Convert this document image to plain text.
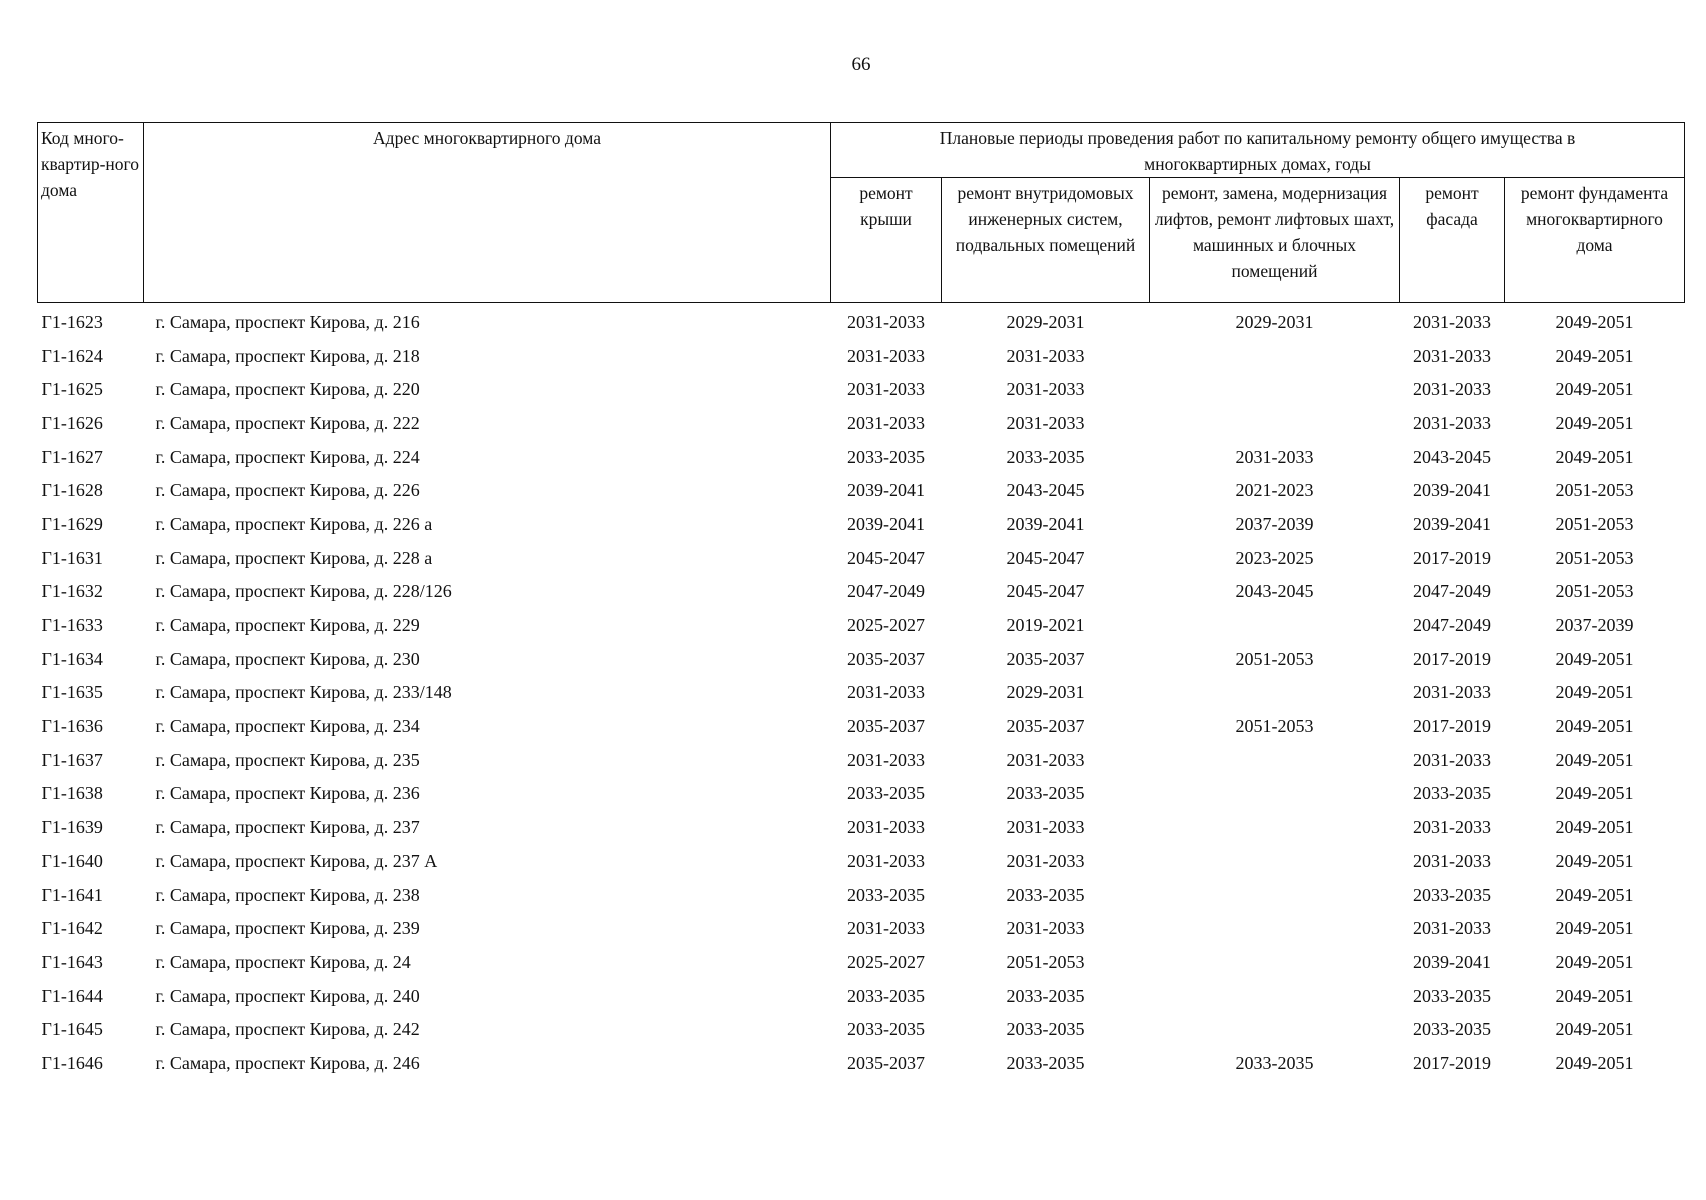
66
Код много-квартир-ного дома	Адрес многоквартирного дома	Плановые периоды проведения работ по капитальному ремонту общего имущества в многоквартирных домах, годы				
		ремонт крыши	ремонт внутридомовых инженерных систем, подвальных помещений	ремонт, замена, модернизация лифтов, ремонт лифтовых шахт, машинных и блочных помещений	ремонт фасада	ремонт фундамента многоквартирного дома
Г1-1623	г. Самара, проспект Кирова, д. 216	2031-2033	2029-2031	2029-2031	2031-2033	2049-2051
Г1-1624	г. Самара, проспект Кирова, д. 218	2031-2033	2031-2033		2031-2033	2049-2051
Г1-1625	г. Самара, проспект Кирова, д. 220	2031-2033	2031-2033		2031-2033	2049-2051
Г1-1626	г. Самара, проспект Кирова, д. 222	2031-2033	2031-2033		2031-2033	2049-2051
Г1-1627	г. Самара, проспект Кирова, д. 224	2033-2035	2033-2035	2031-2033	2043-2045	2049-2051
Г1-1628	г. Самара, проспект Кирова, д. 226	2039-2041	2043-2045	2021-2023	2039-2041	2051-2053
Г1-1629	г. Самара, проспект Кирова, д. 226 а	2039-2041	2039-2041	2037-2039	2039-2041	2051-2053
Г1-1631	г. Самара, проспект Кирова, д. 228 а	2045-2047	2045-2047	2023-2025	2017-2019	2051-2053
Г1-1632	г. Самара, проспект Кирова, д. 228/126	2047-2049	2045-2047	2043-2045	2047-2049	2051-2053
Г1-1633	г. Самара, проспект Кирова, д. 229	2025-2027	2019-2021		2047-2049	2037-2039
Г1-1634	г. Самара, проспект Кирова, д. 230	2035-2037	2035-2037	2051-2053	2017-2019	2049-2051
Г1-1635	г. Самара, проспект Кирова, д. 233/148	2031-2033	2029-2031		2031-2033	2049-2051
Г1-1636	г. Самара, проспект Кирова, д. 234	2035-2037	2035-2037	2051-2053	2017-2019	2049-2051
Г1-1637	г. Самара, проспект Кирова, д. 235	2031-2033	2031-2033		2031-2033	2049-2051
Г1-1638	г. Самара, проспект Кирова, д. 236	2033-2035	2033-2035		2033-2035	2049-2051
Г1-1639	г. Самара, проспект Кирова, д. 237	2031-2033	2031-2033		2031-2033	2049-2051
Г1-1640	г. Самара, проспект Кирова, д. 237 А	2031-2033	2031-2033		2031-2033	2049-2051
Г1-1641	г. Самара, проспект Кирова, д. 238	2033-2035	2033-2035		2033-2035	2049-2051
Г1-1642	г. Самара, проспект Кирова, д. 239	2031-2033	2031-2033		2031-2033	2049-2051
Г1-1643	г. Самара, проспект Кирова, д. 24	2025-2027	2051-2053		2039-2041	2049-2051
Г1-1644	г. Самара, проспект Кирова, д. 240	2033-2035	2033-2035		2033-2035	2049-2051
Г1-1645	г. Самара, проспект Кирова, д. 242	2033-2035	2033-2035		2033-2035	2049-2051
Г1-1646	г. Самара, проспект Кирова, д. 246	2035-2037	2033-2035	2033-2035	2017-2019	2049-2051
